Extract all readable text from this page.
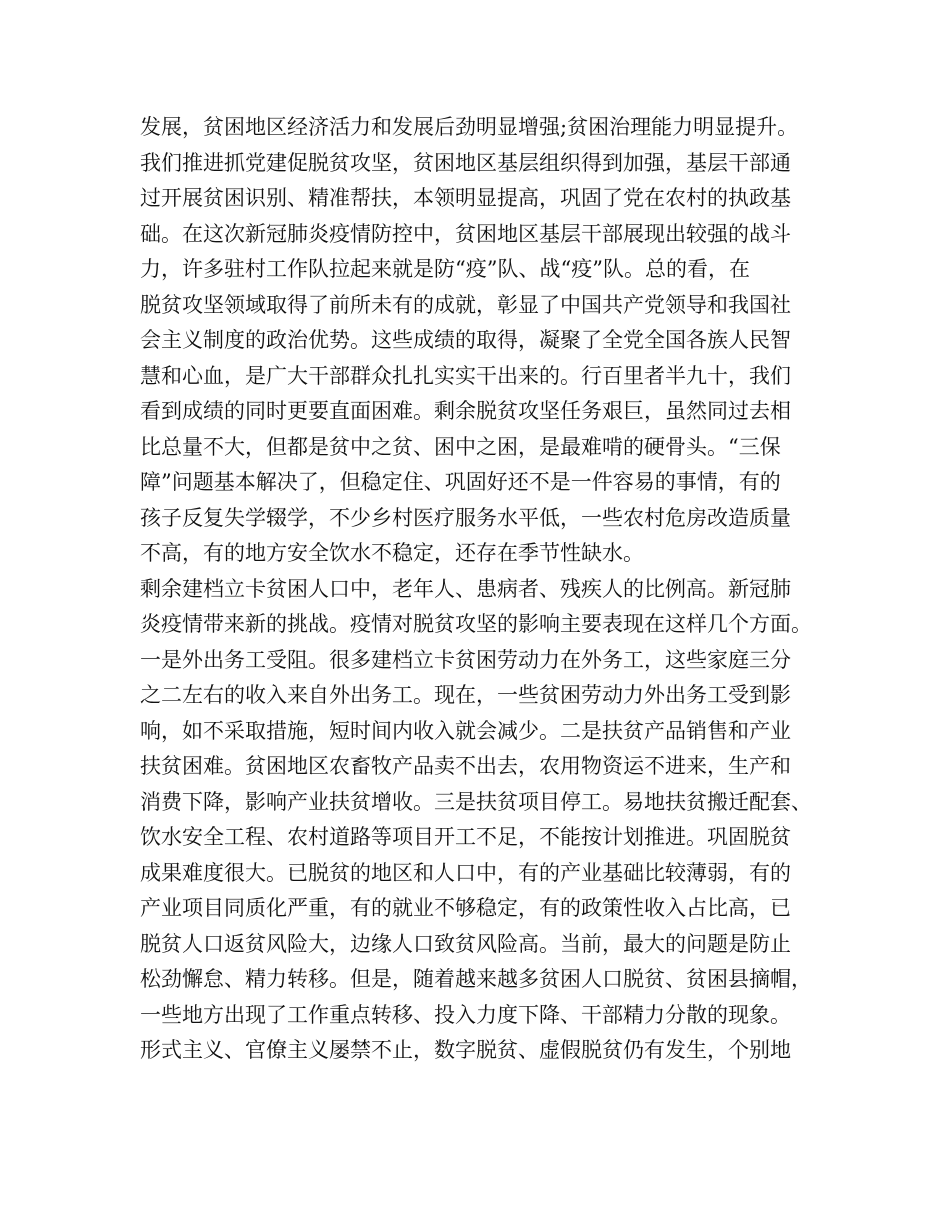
发展，贫困地区经济活力和发展后劲明显增强;贫困治理能力明显提升。
我们推进抓党建促脱贫攻坚，贫困地区基层组织得到加强，基层干部通
过开展贫困识别、精准帮扶，本领明显提高，巩固了党在农村的执政基
础。在这次新冠肺炎疫情防控中，贫困地区基层干部展现出较强的战斗
力，许多驻村工作队拉起来就是防“疫”队、战“疫”队。总的看，在
脱贫攻坚领域取得了前所未有的成就，彰显了中国共产党领导和我国社
会主义制度的政治优势。这些成绩的取得，凝聚了全党全国各族人民智
慧和心血，是广大干部群众扎扎实实干出来的。行百里者半九十，我们
看到成绩的同时更要直面困难。剩余脱贫攻坚任务艰巨，虽然同过去相
比总量不大，但都是贫中之贫、困中之困，是最难啃的硬骨头。“三保
障”问题基本解决了，但稳定住、巩固好还不是一件容易的事情，有的
孩子反复失学辍学，不少乡村医疗服务水平低，一些农村危房改造质量
不高，有的地方安全饮水不稳定，还存在季节性缺水。
剩余建档立卡贫困人口中，老年人、患病者、残疾人的比例高。新冠肺
炎疫情带来新的挑战。疫情对脱贫攻坚的影响主要表现在这样几个方面。
一是外出务工受阻。很多建档立卡贫困劳动力在外务工，这些家庭三分
之二左右的收入来自外出务工。现在，一些贫困劳动力外出务工受到影
响，如不采取措施，短时间内收入就会减少。二是扶贫产品销售和产业
扶贫困难。贫困地区农畜牧产品卖不出去，农用物资运不进来，生产和
消费下降，影响产业扶贫增收。三是扶贫项目停工。易地扶贫搬迁配套、
饮水安全工程、农村道路等项目开工不足，不能按计划推进。巩固脱贫
成果难度很大。已脱贫的地区和人口中，有的产业基础比较薄弱，有的
产业项目同质化严重，有的就业不够稳定，有的政策性收入占比高，已
脱贫人口返贫风险大，边缘人口致贫风险高。当前，最大的问题是防止
松劲懈怠、精力转移。但是，随着越来越多贫困人口脱贫、贫困县摘帽，
一些地方出现了工作重点转移、投入力度下降、干部精力分散的现象。
形式主义、官僚主义屡禁不止，数字脱贫、虚假脱贫仍有发生，个别地
